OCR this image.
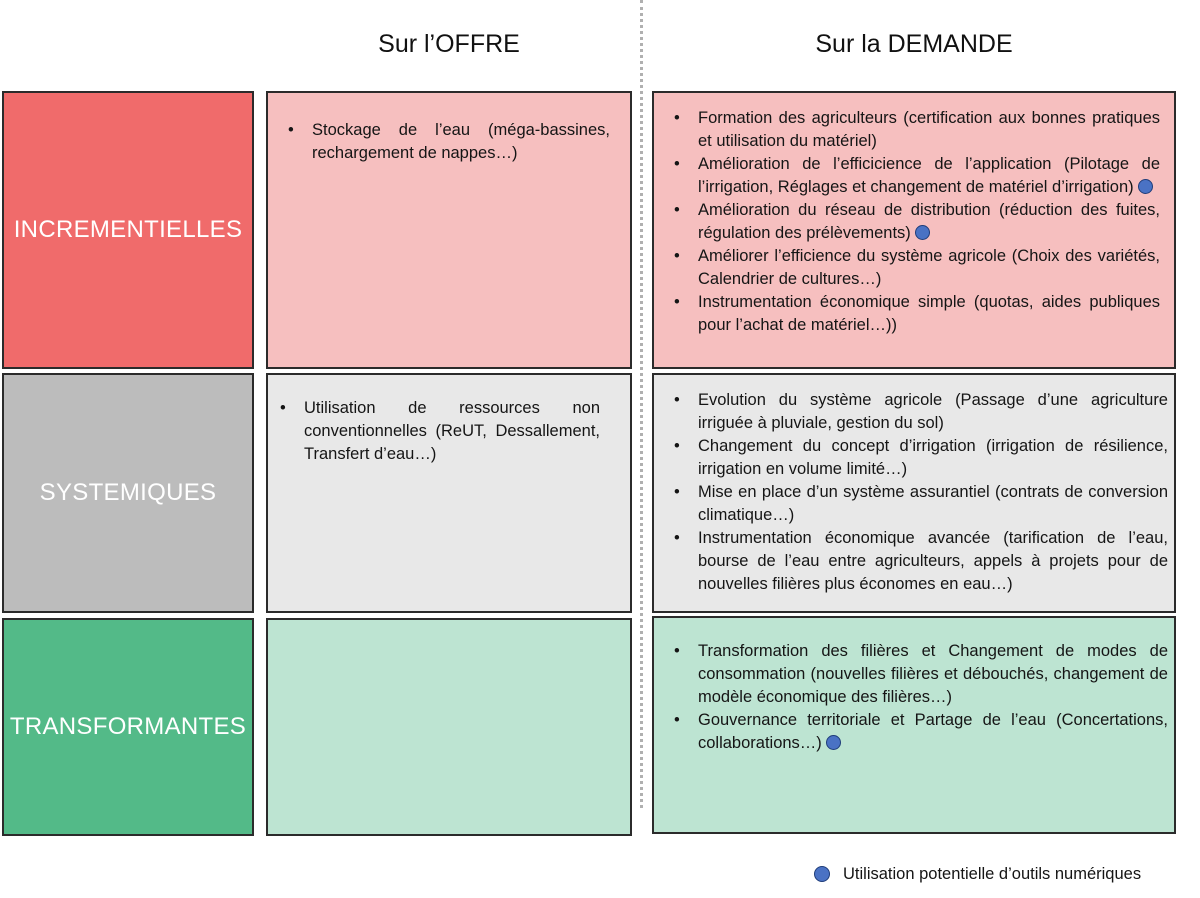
Sur l’OFFRE	Sur la DEMANDE
INCREMENTIELLES
• Stockage de l’eau (méga-bassines, rechargement de nappes…)
• Formation des agriculteurs (certification aux bonnes pratiques et utilisation du matériel)
• Amélioration de l’efficicience de l’application (Pilotage de l’irrigation, Réglages et changement de matériel d’irrigation)
• Amélioration du réseau de distribution (réduction des fuites, régulation des prélèvements)
• Améliorer l’efficience du système agricole (Choix des variétés, Calendrier de cultures…)
• Instrumentation économique simple (quotas, aides publiques pour l’achat de matériel…))
SYSTEMIQUES
• Utilisation de ressources non conventionnelles (ReUT, Dessallement, Transfert d’eau…)
• Evolution du système agricole (Passage d’une agriculture irriguée à pluviale, gestion du sol)
• Changement du concept d’irrigation (irrigation de résilience, irrigation en volume limité…)
• Mise en place d’un système assurantiel (contrats de conversion climatique…)
• Instrumentation économique avancée (tarification de l’eau, bourse de l’eau entre agriculteurs, appels à projets pour de nouvelles filières plus économes en eau…)
TRANSFORMANTES
• Transformation des filières et Changement de modes de consommation (nouvelles filières et débouchés, changement de modèle économique des filières…)
• Gouvernance territoriale et Partage de l’eau (Concertations, collaborations…)
Utilisation potentielle d’outils numériques
